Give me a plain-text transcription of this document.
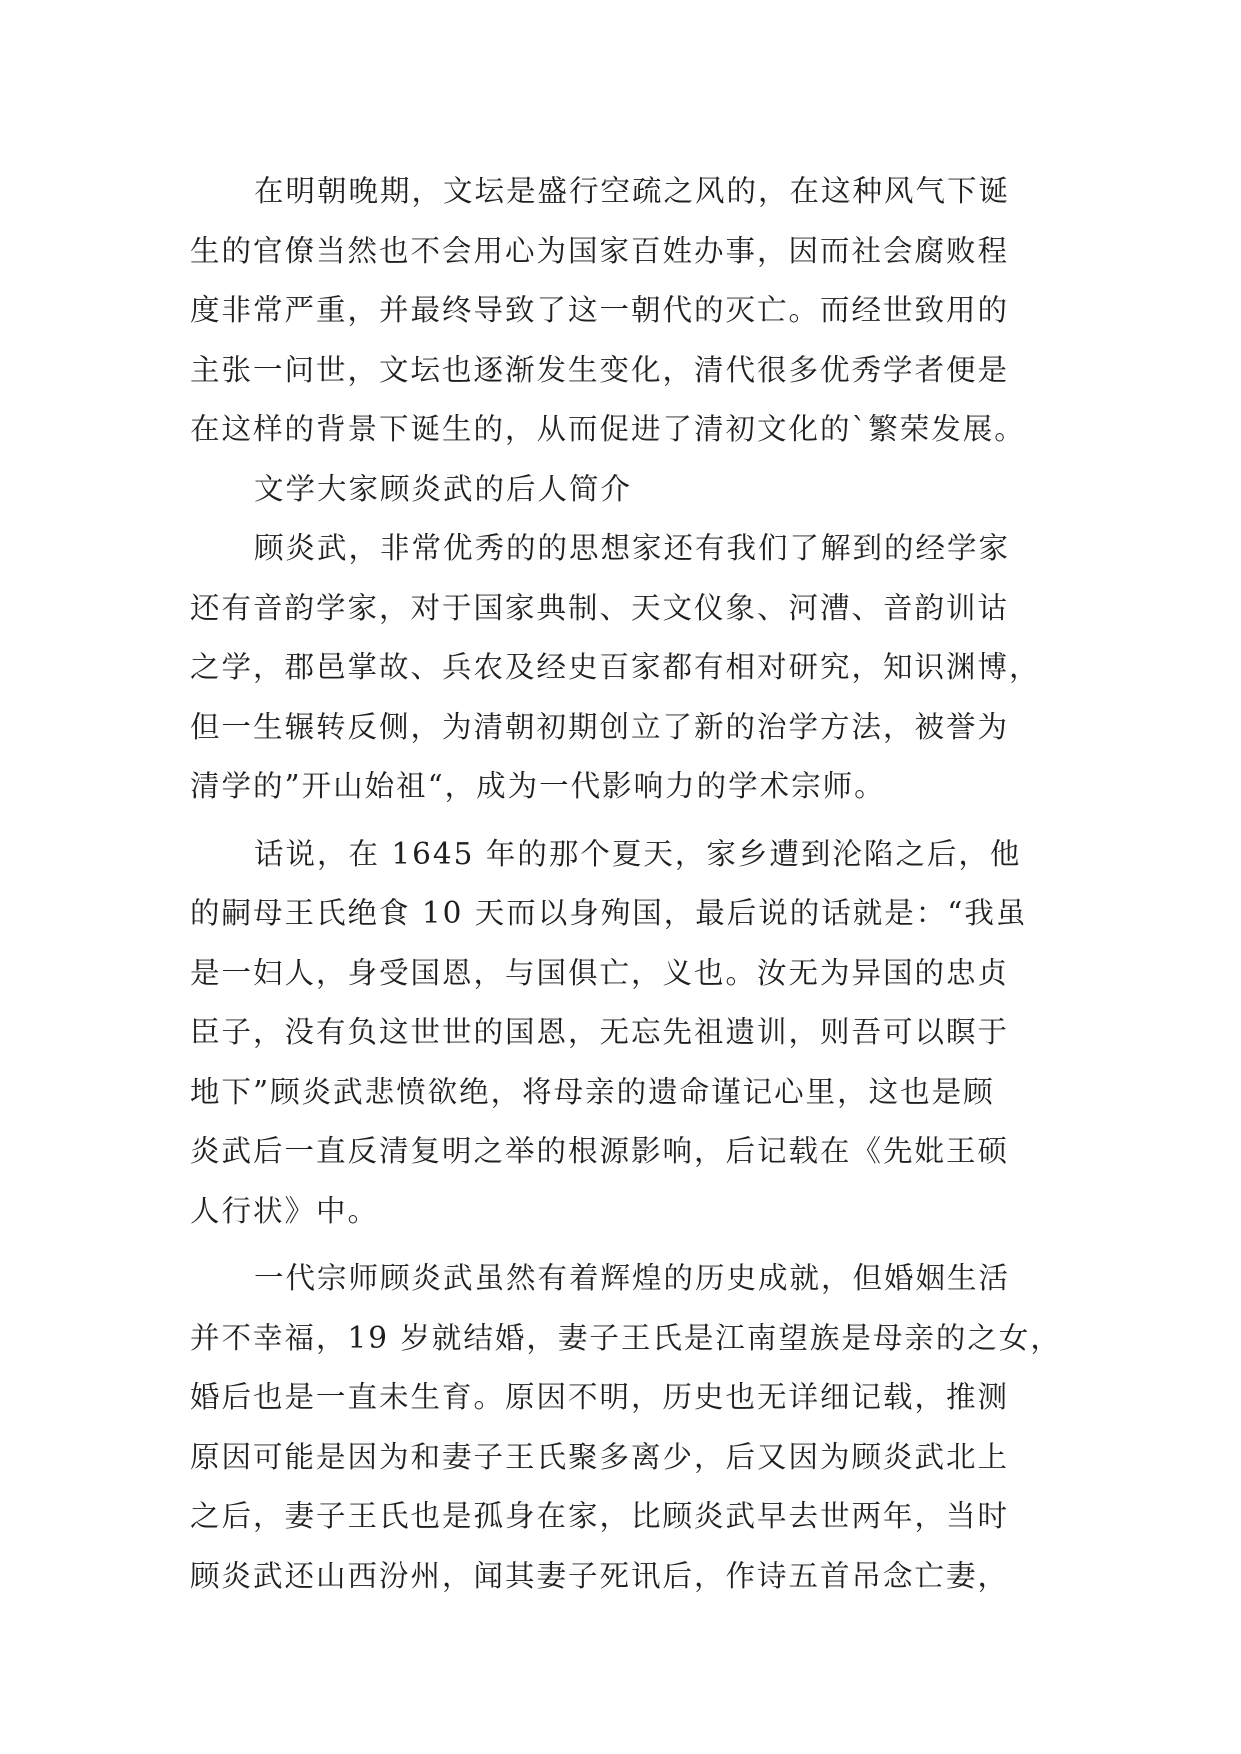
在明朝晚期，文坛是盛行空疏之风的，在这种风气下诞
生的官僚当然也不会用心为国家百姓办事，因而社会腐败程
度非常严重，并最终导致了这一朝代的灭亡。而经世致用的
主张一问世，文坛也逐渐发生变化，清代很多优秀学者便是
在这样的背景下诞生的，从而促进了清初文化的`繁荣发展。
文学大家顾炎武的后人简介
顾炎武，非常优秀的的思想家还有我们了解到的经学家
还有音韵学家，对于国家典制、天文仪象、河漕、音韵训诂
之学，郡邑掌故、兵农及经史百家都有相对研究，知识渊博，
但一生辗转反侧，为清朝初期创立了新的治学方法，被誉为
清学的”开山始祖“，成为一代影响力的学术宗师。
话说，在 1645 年的那个夏天，家乡遭到沦陷之后，他
的嗣母王氏绝食 10 天而以身殉国，最后说的话就是：“我虽
是一妇人，身受国恩，与国俱亡，义也。汝无为异国的忠贞
臣子，没有负这世世的国恩，无忘先祖遗训，则吾可以瞑于
地下”顾炎武悲愤欲绝，将母亲的遗命谨记心里，这也是顾
炎武后一直反清复明之举的根源影响，后记载在《先妣王硕
人行状》中。
一代宗师顾炎武虽然有着辉煌的历史成就，但婚姻生活
并不幸福，19 岁就结婚，妻子王氏是江南望族是母亲的之女，
婚后也是一直未生育。原因不明，历史也无详细记载，推测
原因可能是因为和妻子王氏聚多离少，后又因为顾炎武北上
之后，妻子王氏也是孤身在家，比顾炎武早去世两年，当时
顾炎武还山西汾州，闻其妻子死讯后，作诗五首吊念亡妻，
